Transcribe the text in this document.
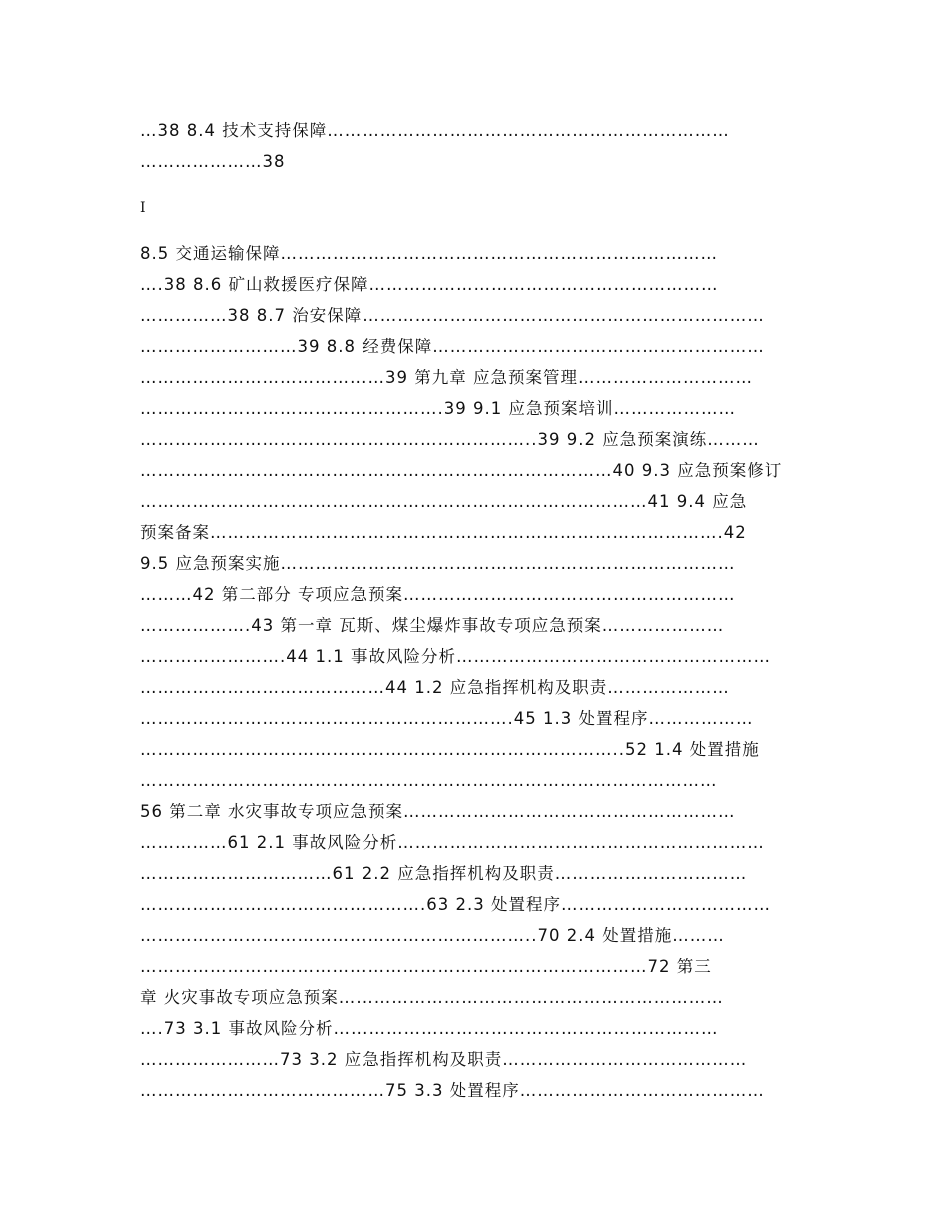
…38 8.4 技术支持保障……………………………………………………………
…………………38
I
8.5 交通运输保障…………………………………………………………………
….38 8.6 矿山救援医疗保障……………………………………………………
……………38 8.7 治安保障……………………………………………………………
………………………39 8.8 经费保障…………………………………………………
……………………………………39 第九章 应急预案管理…………………………
…………………………………………….39 9.1 应急预案培训…………………
…………………………………………………………..39 9.2 应急预案演练………
………………………………………………………………………40 9.3 应急预案修订
……………………………………………………………………………41 9.4 应急
预案备案…………………………………………………………………………….42
9.5 应急预案实施……………………………………………………………………
………42 第二部分 专项应急预案…………………………………………………
……………….43 第一章 瓦斯、煤尘爆炸事故专项应急预案…………………
…………………….44 1.1 事故风险分析………………………………………………
……………………………………44 1.2 应急指挥机构及职责…………………
……………………………………………………….45 1.3 处置程序………………
………………………………………………………………………..52 1.4 处置措施
………………………………………………………………………………………
56 第二章 水灾事故专项应急预案…………………………………………………
……………61 2.1 事故风险分析………………………………………………………
……………………………61 2.2 应急指挥机构及职责……………………………
………………………………………….63 2.3 处置程序………………………………
…………………………………………………………..70 2.4 处置措施………
……………………………………………………………………………72 第三
章 火灾事故专项应急预案…………………………………………………………
….73 3.1 事故风险分析…………………………………………………………
……………………73 3.2 应急指挥机构及职责……………………………………
……………………………………75 3.3 处置程序……………………………………
